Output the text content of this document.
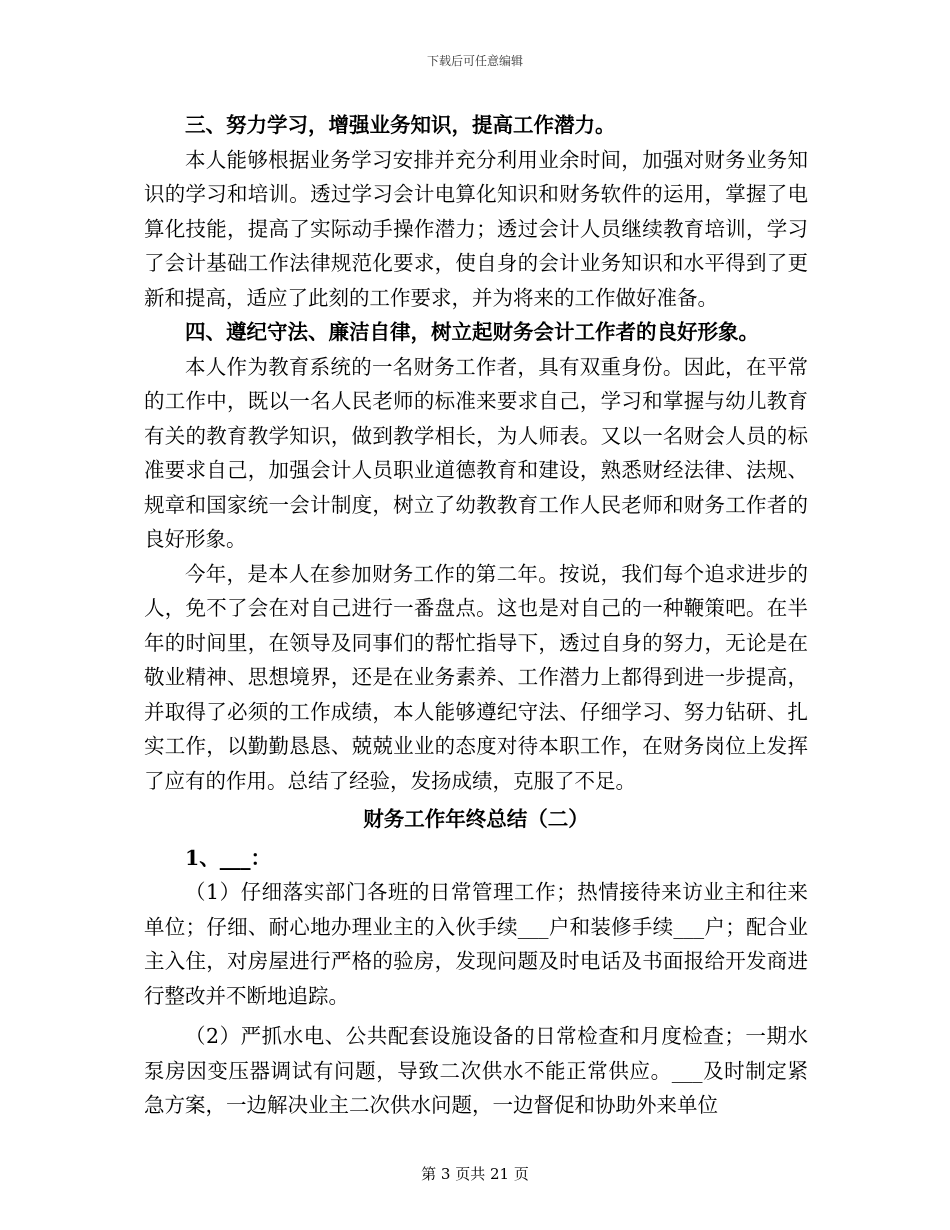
下载后可任意编辑

三、努力学习，增强业务知识，提高工作潜力。

本人能够根据业务学习安排并充分利用业余时间，加强对财务业务知识的学习和培训。透过学习会计电算化知识和财务软件的运用，掌握了电算化技能，提高了实际动手操作潜力；透过会计人员继续教育培训，学习了会计基础工作法律规范化要求，使自身的会计业务知识和水平得到了更新和提高，适应了此刻的工作要求，并为将来的工作做好准备。

四、遵纪守法、廉洁自律，树立起财务会计工作者的良好形象。

本人作为教育系统的一名财务工作者，具有双重身份。因此，在平常的工作中，既以一名人民老师的标准来要求自己，学习和掌握与幼儿教育有关的教育教学知识，做到教学相长，为人师表。又以一名财会人员的标准要求自己，加强会计人员职业道德教育和建设，熟悉财经法律、法规、规章和国家统一会计制度，树立了幼教教育工作人民老师和财务工作者的良好形象。

今年，是本人在参加财务工作的第二年。按说，我们每个追求进步的人，免不了会在对自己进行一番盘点。这也是对自己的一种鞭策吧。在半年的时间里，在领导及同事们的帮忙指导下，透过自身的努力，无论是在敬业精神、思想境界，还是在业务素养、工作潜力上都得到进一步提高，并取得了必须的工作成绩，本人能够遵纪守法、仔细学习、努力钻研、扎实工作，以勤勤恳恳、兢兢业业的态度对待本职工作，在财务岗位上发挥了应有的作用。总结了经验，发扬成绩，克服了不足。

财务工作年终总结（二）

1、___：

（1）仔细落实部门各班的日常管理工作；热情接待来访业主和往来单位；仔细、耐心地办理业主的入伙手续___户和装修手续___户；配合业主入住，对房屋进行严格的验房，发现问题及时电话及书面报给开发商进行整改并不断地追踪。

（2）严抓水电、公共配套设施设备的日常检查和月度检查；一期水泵房因变压器调试有问题，导致二次供水不能正常供应。___及时制定紧急方案，一边解决业主二次供水问题，一边督促和协助外来单位

第 3 页共 21 页
